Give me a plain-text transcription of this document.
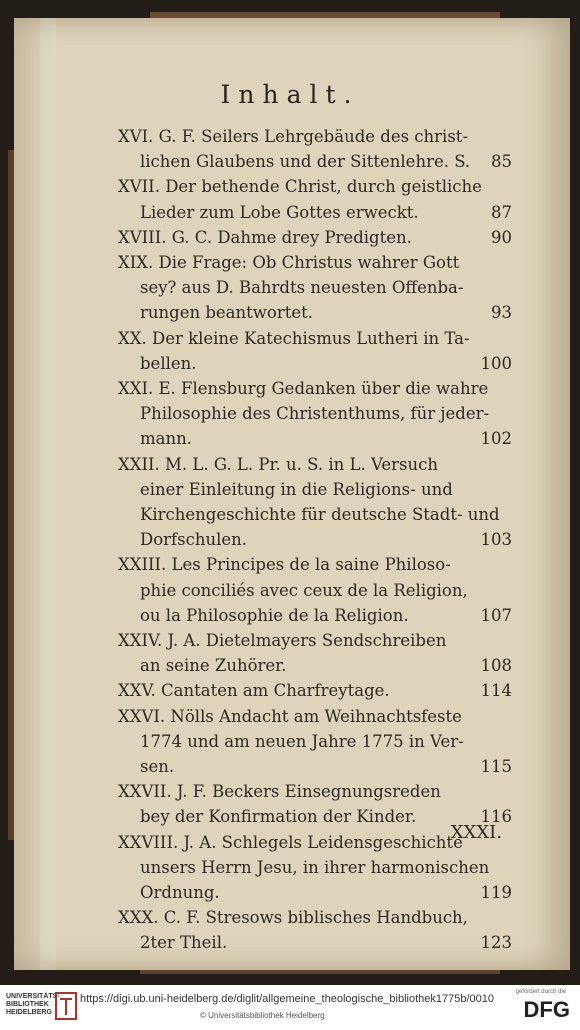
Inhalt.
XVI. G. F. Seilers Lehrgebäude des christ-
lichen Glaubens und der Sittenlehre. S. 85
XVII. Der bethende Christ, durch geistliche
Lieder zum Lobe Gottes erweckt.	87
XVIII. G. C. Dahme drey Predigten.	90
XIX. Die Frage: Ob Christus wahrer Gott
sey? aus D. Bahrdts neuesten Offenba-
rungen beantwortet.	93
XX. Der kleine Katechismus Lutheri in Ta-
bellen.	100
XXI. E. Flensburg Gedanken über die wahre
Philosophie des Christenthums, für jeder-
mann.	102
XXII. M. L. G. L. Pr. u. S. in L. Versuch
einer Einleitung in die Religions- und
Kirchengeschichte für deutsche Stadt- und
Dorfschulen.	103
XXIII. Les Principes de la saine Philoso-
phie conciliés avec ceux de la Religion,
ou la Philosophie de la Religion.	107
XXIV. J. A. Dietelmayers Sendschreiben
an seine Zuhörer.	108
XXV. Cantaten am Charfreytage.	114
XXVI. Nölls Andacht am Weihnachtsfeste
1774 und am neuen Jahre 1775 in Ver-
sen.	115
XXVII. J. F. Beckers Einsegnungsreden
bey der Konfirmation der Kinder.	116
XXVIII. J. A. Schlegels Leidensgeschichte
unsers Herrn Jesu, in ihrer harmonischen
Ordnung.	119
XXX. C. F. Stresows biblisches Handbuch,
2ter Theil.	123
XXXI.
UNIVERSITÄTS-
BIBLIOTHEK
HEIDELBERG
https://digi.ub.uni-heidelberg.de/diglit/allgemeine_theologische_bibliothek1775b/0010
© Universitätsbibliothek Heidelberg
gefördert durch die
DFG
